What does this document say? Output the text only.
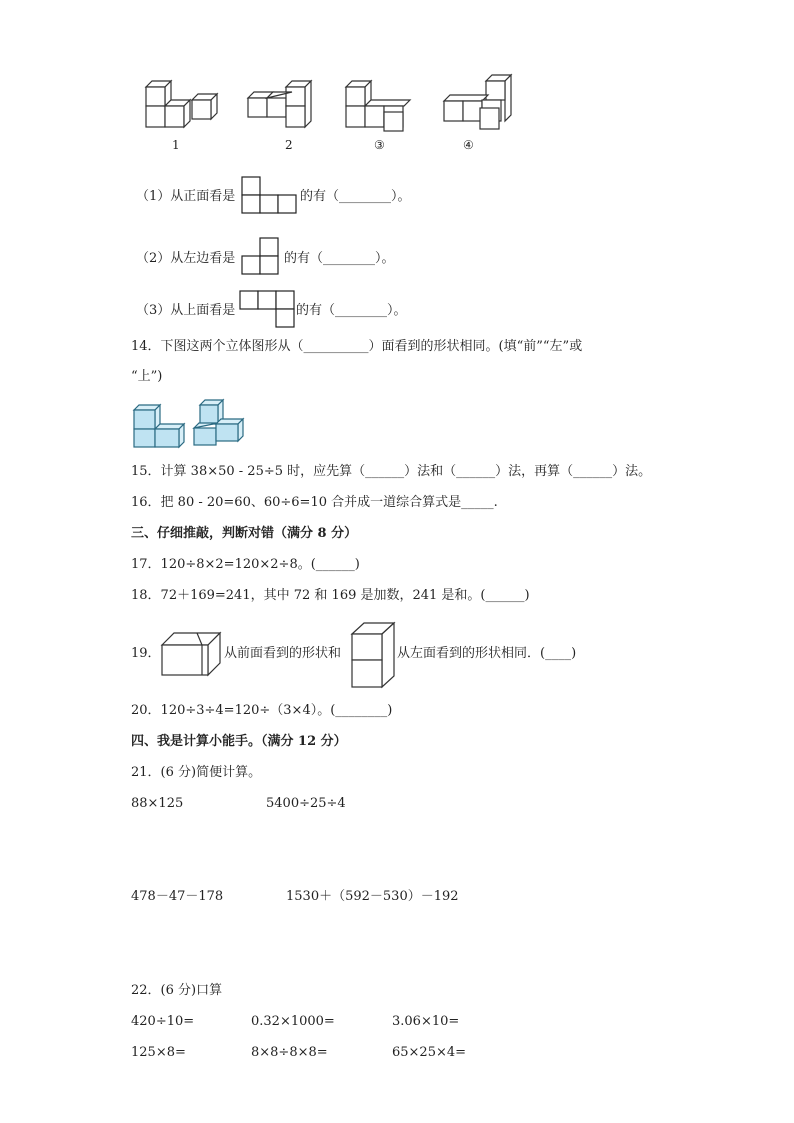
1	2	③	④
（1）从正面看是	的有（________）。
（2）从左边看是	的有（________）。
（3）从上面看是	的有（________）。
14．下图这两个立体图形从（__________）面看到的形状相同。(填“前”“左”或
“上”)
15．计算 38×50 - 25÷5 时，应先算（______）法和（______）法，再算（______）法。
16．把 80 - 20=60、60÷6=10 合并成一道综合算式是_____.
三、仔细推敲，判断对错（满分 8 分）
17．120÷8×2=120×2÷8。(______)
18．72＋169=241，其中 72 和 169 是加数，241 是和。(______)
19．	从前面看到的形状和	从左面看到的形状相同．(____)
20．120÷3÷4=120÷（3×4）。(________)
四、我是计算小能手。（满分 12 分）
21．(6 分)简便计算。
88×125	5400÷25÷4
478－47－178	1530＋（592－530）－192
22．(6 分)口算
420÷10=	0.32×1000=	3.06×10=
125×8=	8×8÷8×8=	65×25×4=
